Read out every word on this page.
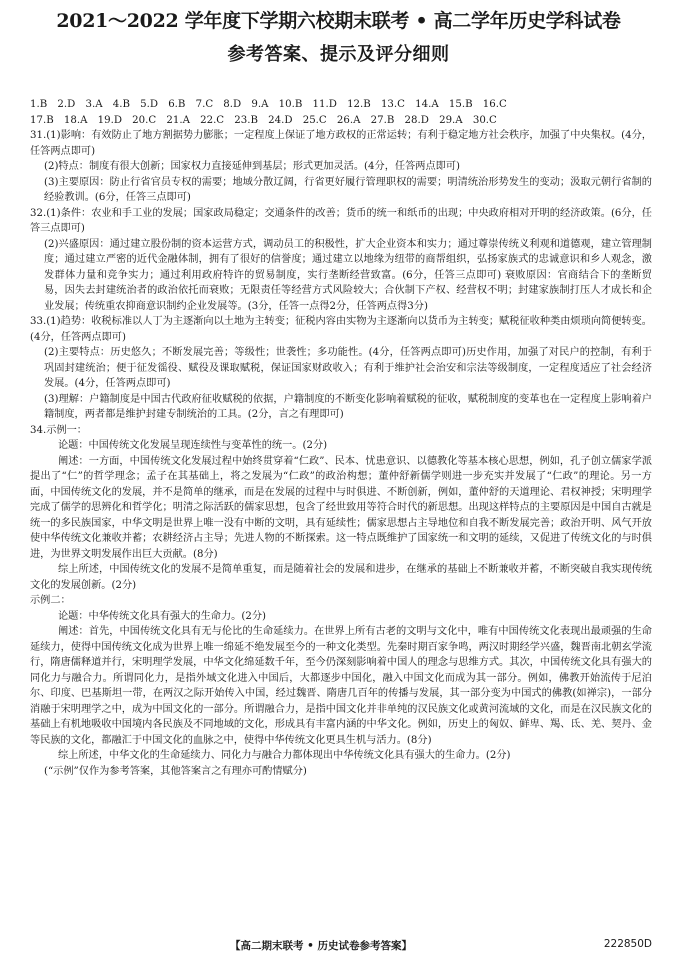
2021～2022 学年度下学期六校期末联考 • 高二学年历史学科试卷
参考答案、提示及评分细则

1.B　2.D　3.A　4.B　5.D　6.B　7.C　8.D　9.A　10.B　11.D　12.B　13.C　14.A　15.B　16.C

17.B　18.A　19.D　20.C　21.A　22.C　23.B　24.D　25.C　26.A　27.B　28.D　29.A　30.C

31.(1)影响：有效防止了地方割据势力膨胀；一定程度上保证了地方政权的正常运转；有利于稳定地方社会秩序，加强了中央集权。(4分，任答两点即可)

(2)特点：制度有很大创新；国家权力直接延伸到基层；形式更加灵活。(4分，任答两点即可)

(3)主要原因：防止行省官员专权的需要；地域分散辽阔，行省更好履行管理职权的需要；明清统治形势发生的变动；汲取元朝行省制的经验教训。(6分，任答三点即可)

32.(1)条件：农业和手工业的发展；国家政局稳定；交通条件的改善；货币的统一和纸币的出现；中央政府相对开明的经济政策。(6分，任答三点即可)

(2)兴盛原因：通过建立股份制的资本运营方式，调动员工的积极性，扩大企业资本和实力；通过尊崇传统义利观和道德观，建立管理制度；通过建立严密的近代金融体制，拥有了很好的信誉度；通过建立以地缘为纽带的商帮组织，弘扬家族式的忠诚意识和乡人观念，激发群体力量和竞争实力；通过利用政府特许的贸易制度，实行垄断经营致富。(6分，任答三点即可) 衰败原因：官商结合下的垄断贸易，因失去封建统治者的政治依托而衰败；无限责任等经营方式风险较大；合伙制下产权、经营权不明；封建家族制打压人才成长和企业发展；传统重农抑商意识制约企业发展等。(3分，任答一点得2分，任答两点得3分)

33.(1)趋势：收税标准以人丁为主逐渐向以土地为主转变；征税内容由实物为主逐渐向以货币为主转变；赋税征收种类由烦琐向简便转变。(4分，任答两点即可)

(2)主要特点：历史悠久；不断发展完善；等级性；世袭性；多功能性。(4分，任答两点即可)历史作用，加强了对民户的控制，有利于巩固封建统治；便于征发徭役、赋役及课取赋税，保证国家财政收入；有利于维护社会治安和宗法等级制度，一定程度适应了社会经济发展。(4分，任答两点即可)

(3)理解：户籍制度是中国古代政府征收赋税的依据，户籍制度的不断变化影响着赋税的征收，赋税制度的变革也在一定程度上影响着户籍制度，两者都是维护封建专制统治的工具。(2分，言之有理即可)

34.示例一：

论题：中国传统文化发展呈现连续性与变革性的统一。(2分)

阐述：一方面，中国传统文化发展过程中始终贯穿着“仁政”、民本、忧患意识、以德教化等基本核心思想，例如，孔子创立儒家学派提出了“仁”的哲学理念；孟子在其基础上，将之发展为“仁政”的政治构想；董仲舒新儒学则进一步充实并发展了“仁政”的理论。另一方面，中国传统文化的发展，并不是简单的继承，而是在发展的过程中与时俱进、不断创新，例如，董仲舒的天道理论、君权神授；宋明理学完成了儒学的思辨化和哲学化；明清之际活跃的儒家思想，包含了经世致用等符合时代的新思想。出现这样特点的主要原因是中国自古就是统一的多民族国家，中华文明是世界上唯一没有中断的文明，具有延续性；儒家思想占主导地位和自我不断发展完善；政治开明、风气开放使中华传统文化兼收并蓄；农耕经济占主导；先进人物的不断探索。这一特点既维护了国家统一和文明的延续，又促进了传统文化的与时俱进，为世界文明发展作出巨大贡献。(8分)

综上所述，中国传统文化的发展不是简单重复，而是随着社会的发展和进步，在继承的基础上不断兼收并蓄，不断突破自我实现传统文化的发展创新。(2分)

示例二：

论题：中华传统文化具有强大的生命力。(2分)

阐述：首先，中国传统文化具有无与伦比的生命延续力。在世界上所有古老的文明与文化中，唯有中国传统文化表现出最顽强的生命延续力，使得中国传统文化成为世界上唯一绵延不绝发展至今的一种文化类型。先秦时期百家争鸣，两汉时期经学兴盛，魏晋南北朝玄学流行，隋唐儒释道并行，宋明理学发展，中华文化绵延数千年，至今仍深刻影响着中国人的理念与思维方式。其次，中国传统文化具有强大的同化力与融合力。所谓同化力，是指外域文化进入中国后，大都逐步中国化，融入中国文化而成为其一部分。例如，佛教开始流传于尼泊尔、印度、巴基斯坦一带，在两汉之际开始传入中国，经过魏晋、隋唐几百年的传播与发展，其一部分变为中国式的佛教(如禅宗)，一部分消融于宋明理学之中，成为中国文化的一部分。所谓融合力，是指中国文化并非单纯的汉民族文化或黄河流域的文化，而是在汉民族文化的基础上有机地吸收中国境内各民族及不同地域的文化，形成具有丰富内涵的中华文化。例如，历史上的匈奴、鲜卑、羯、氐、羌、契丹、金等民族的文化，都融汇于中国文化的血脉之中，使得中华传统文化更具生机与活力。(8分)

综上所述，中华文化的生命延续力、同化力与融合力都体现出中华传统文化具有强大的生命力。(2分)

(“示例”仅作为参考答案，其他答案言之有理亦可酌情赋分)

【高二期末联考 • 历史试卷参考答案】	222850D
